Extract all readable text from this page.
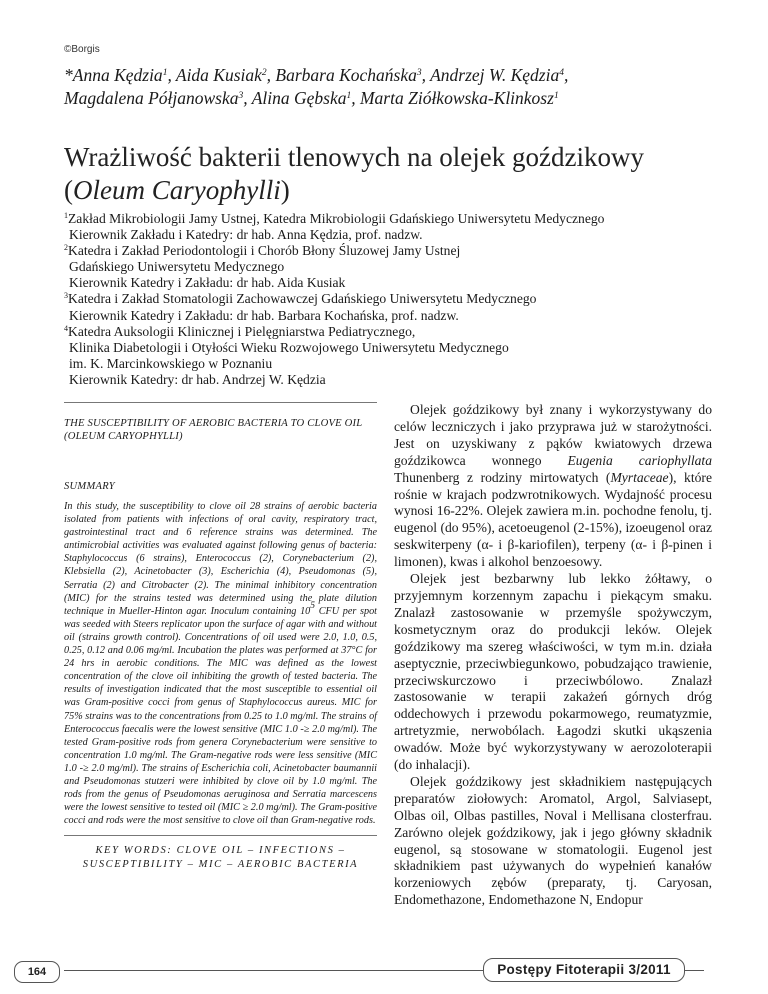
©Borgis
*Anna Kędzia$^1$, Aida Kusiak$^2$, Barbara Kochańska$^3$, Andrzej W. Kędzia$^4$,
Magdalena Półjanowska$^3$, Alina Gębska$^1$, Marta Ziółkowska-Klinkosz$^1$
Wrażliwość bakterii tlenowych na olejek goździkowy
(Oleum Caryophylli)
$^1$Zakład Mikrobiologii Jamy Ustnej, Katedra Mikrobiologii Gdańskiego Uniwersytetu Medycznego
Kierownik Zakładu i Katedry: dr hab. Anna Kędzia, prof. nadzw.
$^2$Katedra i Zakład Periodontologii i Chorób Błony Śluzowej Jamy Ustnej
Gdańskiego Uniwersytetu Medycznego
Kierownik Katedry i Zakładu: dr hab. Aida Kusiak
$^3$Katedra i Zakład Stomatologii Zachowawczej Gdańskiego Uniwersytetu Medycznego
Kierownik Katedry i Zakładu: dr hab. Barbara Kochańska, prof. nadzw.
$^4$Katedra Auksologii Klinicznej i Pielęgniarstwa Pediatrycznego,
Klinika Diabetologii i Otyłości Wieku Rozwojowego Uniwersytetu Medycznego
im. K. Marcinkowskiego w Poznaniu
Kierownik Katedry: dr hab. Andrzej W. Kędzia
THE SUSCEPTIBILITY OF AEROBIC BACTERIA TO CLOVE OIL (OLEUM CARYOPHYLLI)
SUMMARY
In this study, the susceptibility to clove oil 28 strains of aerobic bacteria isolated from patients with infections of oral cavity, respiratory tract, gastrointestinal tract and 6 reference strains was determined. The antimicrobial activities was evaluated against following genus of bacteria: Staphylococcus (6 strains), Enterococcus (2), Corynebacterium (2), Klebsiella (2), Acinetobacter (3), Escherichia (4), Pseudomonas (5), Serratia (2) and Citrobacter (2). The minimal inhibitory concentration (MIC) for the strains tested was determined using the plate dilution technique in Mueller-Hinton agar. Inoculum containing 105 CFU per spot was seeded with Steers replicator upon the surface of agar with and without oil (strains growth control). Concentrations of oil used were 2.0, 1.0, 0.5, 0.25, 0.12 and 0.06 mg/ml. Incubation the plates was performed at 37°C for 24 hrs in aerobic conditions. The MIC was defined as the lowest concentration of the clove oil inhibiting the growth of tested bacteria. The results of investigation indicated that the most susceptible to essential oil was Gram-positive cocci from genus of Staphylococcus aureus. MIC for 75% strains was to the concentrations from 0.25 to 1.0 mg/ml. The strains of Enterococcus faecalis were the lowest sensitive (MIC 1.0 -≥ 2.0 mg/ml). The tested Gram-positive rods from genera Corynebacterium were sensitive to concentration 1.0 mg/ml. The Gram-negative rods were less sensitive (MIC 1.0 -≥ 2.0 mg/ml). The strains of Escherichia coli, Acinetobacter baumannii and Pseudomonas stutzeri were inhibited by clove oil by 1.0 mg/ml. The rods from the genus of Pseudomonas aeruginosa and Serratia marcescens were the lowest sensitive to tested oil (MIC ≥ 2.0 mg/ml). The Gram-positive cocci and rods were the most sensitive to clove oil than Gram-negative rods.
KEY WORDS: CLOVE OIL – INFECTIONS – SUSCEPTIBILITY – MIC – AEROBIC BACTERIA

Olejek goździkowy był znany i wykorzystywany do celów leczniczych i jako przyprawa już w starożytności. Jest on uzyskiwany z pąków kwiatowych drzewa goździkowca wonnego Eugenia cariophyllata Thunenberg z rodziny mirtowatych (Myrtaceae), które rośnie w krajach podzwrotnikowych. Wydajność procesu wynosi 16-22%. Olejek zawiera m.in. pochodne fenolu, tj. eugenol (do 95%), acetoeugenol (2-15%), izoeugenol oraz seskwiterpeny (α- i β-kariofilen), terpeny (α- i β-pinen i limonen), kwas i alkohol benzoesowy.

Olejek jest bezbarwny lub lekko żółtawy, o przyjemnym korzennym zapachu i piekącym smaku. Znalazł zastosowanie w przemyśle spożywczym, kosmetycznym oraz do produkcji leków. Olejek goździkowy ma szereg właściwości, w tym m.in. działa aseptycznie, przeciwbiegunkowo, pobudzająco trawienie, przeciwskurczowo i przeciwbólowo. Znalazł zastosowanie w terapii zakażeń górnych dróg oddechowych i przewodu pokarmowego, reumatyzmie, artretyzmie, nerwobólach. Łagodzi skutki ukąszenia owadów. Może być wykorzystywany w aerozoloterapii (do inhalacji).

Olejek goździkowy jest składnikiem następujących preparatów ziołowych: Aromatol, Argol, Salviasept, Olbas oil, Olbas pastilles, Noval i Mellisana closterfrau. Zarówno olejek goździkowy, jak i jego główny składnik eugenol, są stosowane w stomatologii. Eugenol jest składnikiem past używanych do wypełnień kanałów korzeniowych zębów (preparaty, tj. Caryosan, Endomethazone, Endomethazone N, Endopur

164	Postępy Fitoterapii 3/2011
